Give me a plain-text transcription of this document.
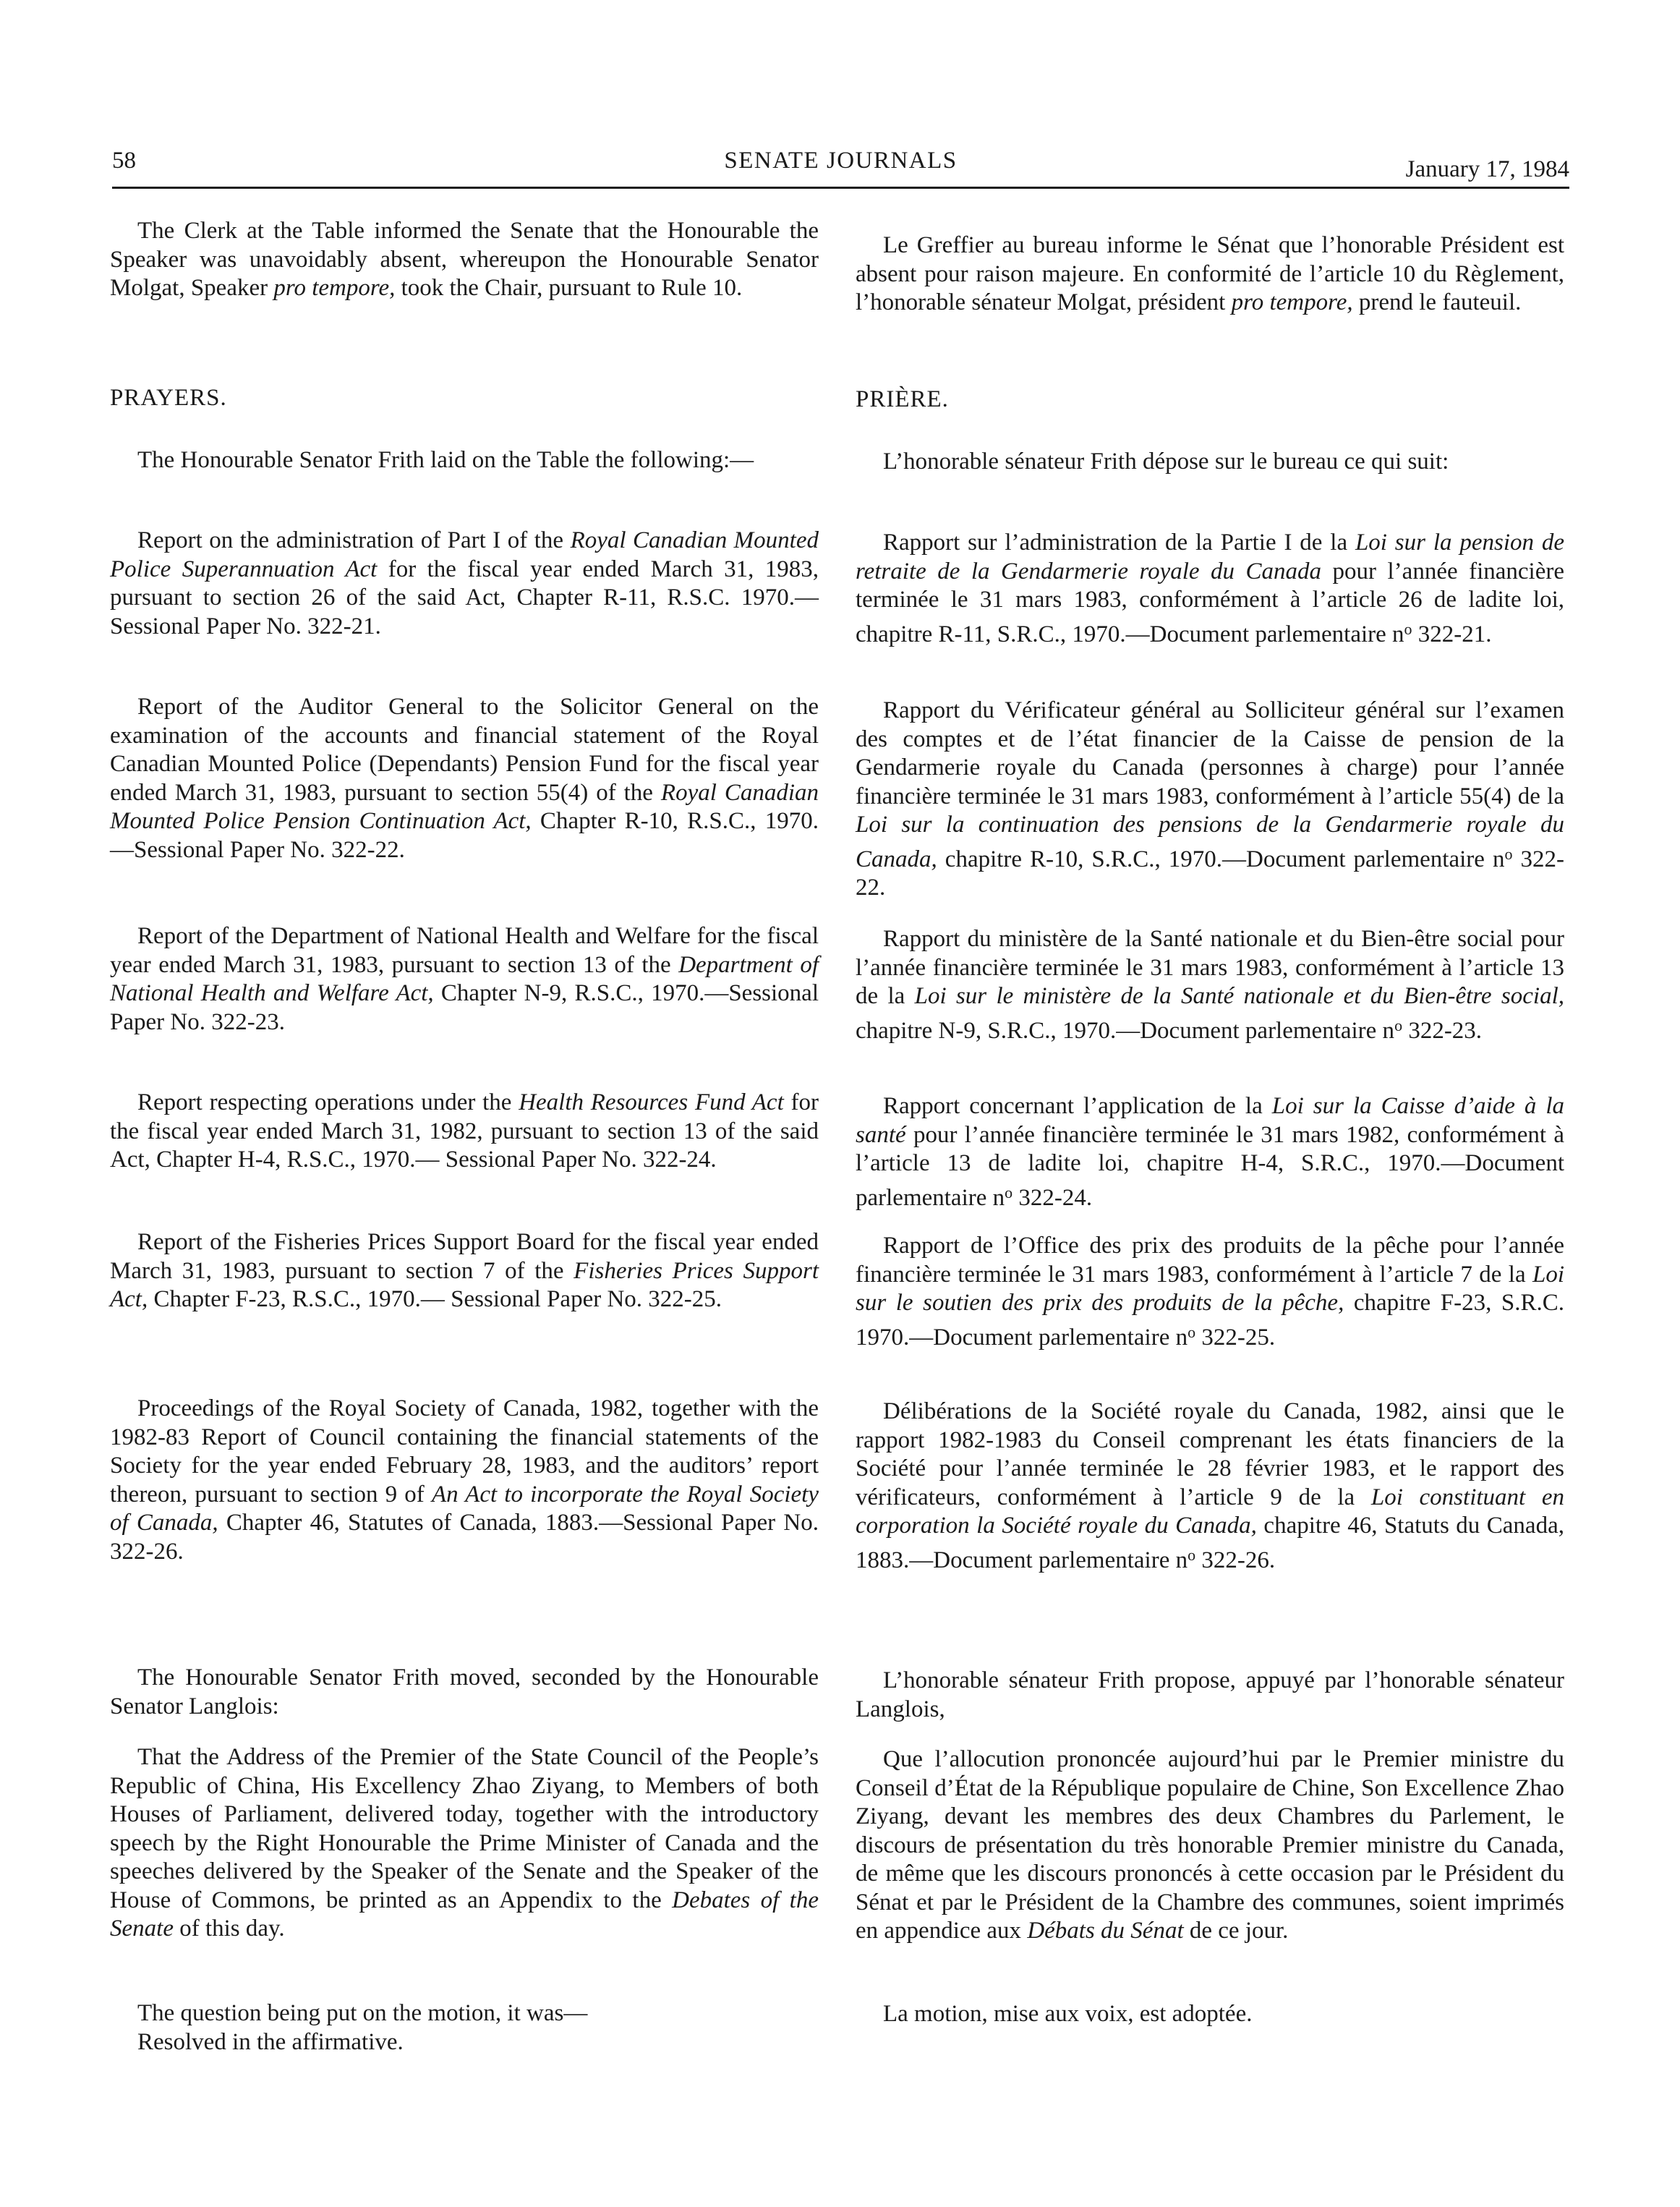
58	SENATE JOURNALS	January 17, 1984

The Clerk at the Table informed the Senate that the Honourable the Speaker was unavoidably absent, whereupon the Honourable Senator Molgat, Speaker pro tempore, took the Chair, pursuant to Rule 10.

PRAYERS.

The Honourable Senator Frith laid on the Table the following:—

Report on the administration of Part I of the Royal Canadian Mounted Police Superannuation Act for the fiscal year ended March 31, 1983, pursuant to section 26 of the said Act, Chapter R-11, R.S.C. 1970.—Sessional Paper No. 322-21.

Report of the Auditor General to the Solicitor General on the examination of the accounts and financial statement of the Royal Canadian Mounted Police (Dependants) Pension Fund for the fiscal year ended March 31, 1983, pursuant to section 55(4) of the Royal Canadian Mounted Police Pension Continuation Act, Chapter R-10, R.S.C., 1970.—Sessional Paper No. 322-22.

Report of the Department of National Health and Welfare for the fiscal year ended March 31, 1983, pursuant to section 13 of the Department of National Health and Welfare Act, Chapter N-9, R.S.C., 1970.—Sessional Paper No. 322-23.

Report respecting operations under the Health Resources Fund Act for the fiscal year ended March 31, 1982, pursuant to section 13 of the said Act, Chapter H-4, R.S.C., 1970.— Sessional Paper No. 322-24.

Report of the Fisheries Prices Support Board for the fiscal year ended March 31, 1983, pursuant to section 7 of the Fisheries Prices Support Act, Chapter F-23, R.S.C., 1970.— Sessional Paper No. 322-25.

Proceedings of the Royal Society of Canada, 1982, together with the 1982-83 Report of Council containing the financial statements of the Society for the year ended February 28, 1983, and the auditors’ report thereon, pursuant to section 9 of An Act to incorporate the Royal Society of Canada, Chapter 46, Statutes of Canada, 1883.—Sessional Paper No. 322-26.

The Honourable Senator Frith moved, seconded by the Honourable Senator Langlois:

That the Address of the Premier of the State Council of the People’s Republic of China, His Excellency Zhao Ziyang, to Members of both Houses of Parliament, delivered today, together with the introductory speech by the Right Honourable the Prime Minister of Canada and the speeches delivered by the Speaker of the Senate and the Speaker of the House of Commons, be printed as an Appendix to the Debates of the Senate of this day.

The question being put on the motion, it was—

Resolved in the affirmative.

Le Greffier au bureau informe le Sénat que l’honorable Président est absent pour raison majeure. En conformité de l’article 10 du Règlement, l’honorable sénateur Molgat, président pro tempore, prend le fauteuil.

PRIÈRE.

L’honorable sénateur Frith dépose sur le bureau ce qui suit:

Rapport sur l’administration de la Partie I de la Loi sur la pension de retraite de la Gendarmerie royale du Canada pour l’année financière terminée le 31 mars 1983, conformément à l’article 26 de ladite loi, chapitre R-11, S.R.C., 1970.—Document parlementaire $n^o$ 322-21.

Rapport du Vérificateur général au Solliciteur général sur l’examen des comptes et de l’état financier de la Caisse de pension de la Gendarmerie royale du Canada (personnes à charge) pour l’année financière terminée le 31 mars 1983, conformément à l’article 55(4) de la Loi sur la continuation des pensions de la Gendarmerie royale du Canada, chapitre R-10, S.R.C., 1970.—Document parlementaire $n^o$ 322-22.

Rapport du ministère de la Santé nationale et du Bien-être social pour l’année financière terminée le 31 mars 1983, conformément à l’article 13 de la Loi sur le ministère de la Santé nationale et du Bien-être social, chapitre N-9, S.R.C., 1970.—Document parlementaire $n^o$ 322-23.

Rapport concernant l’application de la Loi sur la Caisse d’aide à la santé pour l’année financière terminée le 31 mars 1982, conformément à l’article 13 de ladite loi, chapitre H-4, S.R.C., 1970.—Document parlementaire $n^o$ 322-24.

Rapport de l’Office des prix des produits de la pêche pour l’année financière terminée le 31 mars 1983, conformément à l’article 7 de la Loi sur le soutien des prix des produits de la pêche, chapitre F-23, S.R.C. 1970.—Document parlementaire $n^o$ 322-25.

Délibérations de la Société royale du Canada, 1982, ainsi que le rapport 1982-1983 du Conseil comprenant les états financiers de la Société pour l’année terminée le 28 février 1983, et le rapport des vérificateurs, conformément à l’article 9 de la Loi constituant en corporation la Société royale du Canada, chapitre 46, Statuts du Canada, 1883.—Document parlementaire $n^o$ 322-26.

L’honorable sénateur Frith propose, appuyé par l’honorable sénateur Langlois,

Que l’allocution prononcée aujourd’hui par le Premier ministre du Conseil d’État de la République populaire de Chine, Son Excellence Zhao Ziyang, devant les membres des deux Chambres du Parlement, le discours de présentation du très honorable Premier ministre du Canada, de même que les discours prononcés à cette occasion par le Président du Sénat et par le Président de la Chambre des communes, soient imprimés en appendice aux Débats du Sénat de ce jour.

La motion, mise aux voix, est adoptée.
